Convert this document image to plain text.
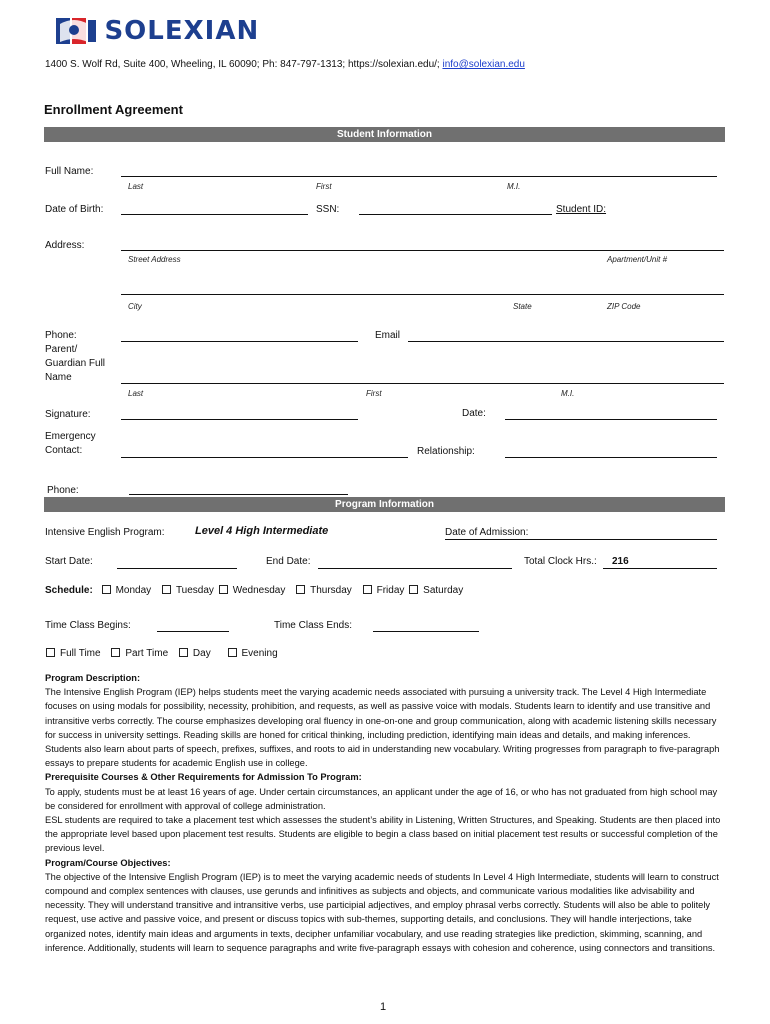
SOLEXIAN
1400 S. Wolf Rd, Suite 400, Wheeling, IL 60090; Ph: 847-797-1313; https://solexian.edu/; info@solexian.edu
Enrollment Agreement
Student Information
Full Name:
Last	First	M.I.
Date of Birth:	SSN:	Student ID:
Address:
Street Address	Apartment/Unit #
City	State	ZIP Code
Phone:	Email
Parent/
Guardian Full
Name
Last	First	M.I.
Signature:	Date:
Emergency
Contact:	Relationship:
Phone:
Program Information
Intensive English Program:	Level 4 High Intermediate	Date of Admission:
Start Date:	End Date:	Total Clock Hrs.: 216
Schedule: Monday Tuesday Wednesday Thursday Friday Saturday
Time Class Begins:	Time Class Ends:
Full Time Part Time Day	Evening

Program Description:

The Intensive English Program (IEP) helps students meet the varying academic needs associated with pursuing a university track. The Level 4 High Intermediate focuses on using modals for possibility, necessity, prohibition, and requests, as well as passive voice with modals. Students learn to identify and use transitive and intransitive verbs correctly. The course emphasizes developing oral fluency in one-on-one and group communication, along with academic listening skills necessary for success in university settings. Reading skills are honed for critical thinking, including prediction, identifying main ideas and details, and making inferences. Students also learn about parts of speech, prefixes, suffixes, and roots to aid in understanding new vocabulary. Writing progresses from paragraph to five-paragraph essays to prepare students for academic English use in college.

Prerequisite Courses & Other Requirements for Admission To Program:

To apply, students must be at least 16 years of age. Under certain circumstances, an applicant under the age of 16, or who has not graduated from high school may be considered for enrollment with approval of college administration.

ESL students are required to take a placement test which assesses the student’s ability in Listening, Written Structures, and Speaking. Students are then placed into the appropriate level based upon placement test results. Students are eligible to begin a class based on initial placement test results or successful completion of the previous level.

Program/Course Objectives:

The objective of the Intensive English Program (IEP) is to meet the varying academic needs of students In Level 4 High Intermediate, students will learn to construct compound and complex sentences with clauses, use gerunds and infinitives as subjects and objects, and communicate various modalities like advisability and necessity. They will understand transitive and intransitive verbs, use participial adjectives, and employ phrasal verbs correctly. Students will also be able to politely request, use active and passive voice, and present or discuss topics with sub-themes, supporting details, and conclusions. They will handle interjections, take organized notes, identify main ideas and arguments in texts, decipher unfamiliar vocabulary, and use reading strategies like prediction, skimming, scanning, and inference. Additionally, students will learn to sequence paragraphs and write five-paragraph essays with cohesion and coherence, using connectors and transitions.

1
